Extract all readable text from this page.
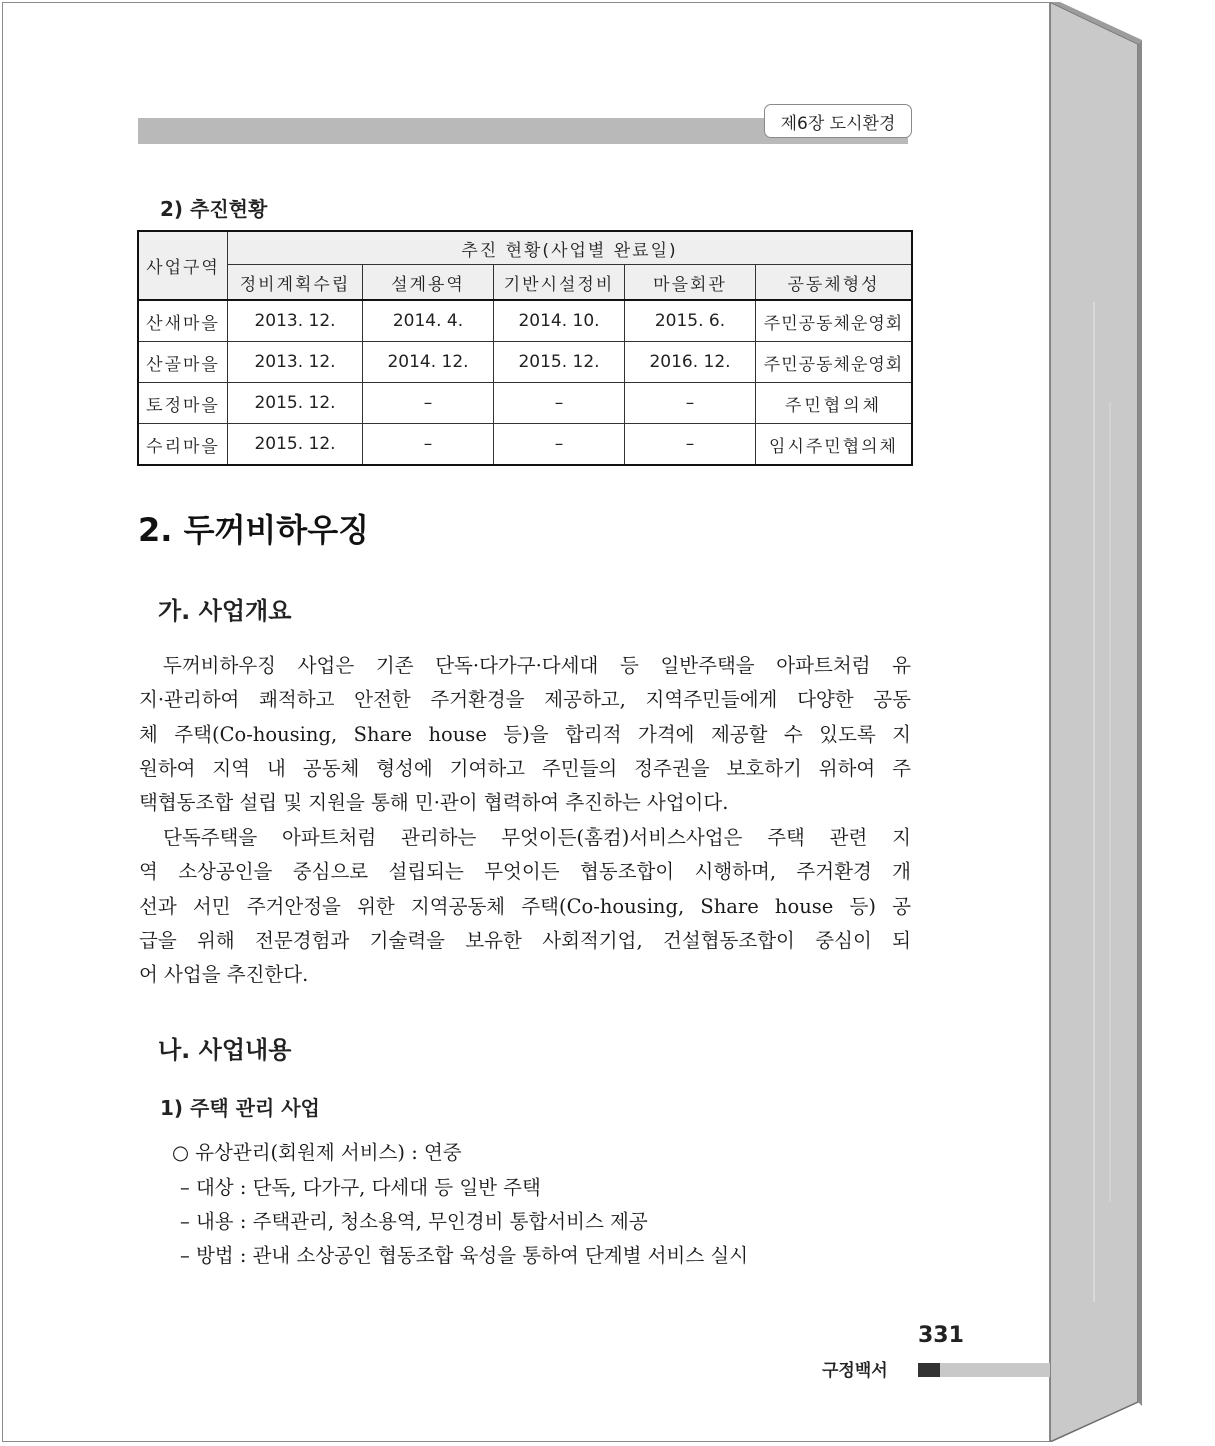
제6장 도시환경
2) 추진현황
사업구역	추진 현황(사업별 완료일)				
	정비계획수립	설계용역	기반시설정비	마을회관	공동체형성
산새마을	2013. 12.	2014. 4.	2014. 10.	2015. 6.	주민공동체운영회
산골마을	2013. 12.	2014. 12.	2015. 12.	2016. 12.	주민공동체운영회
토정마을	2015. 12.	–	–	–	주민협의체
수리마을	2015. 12.	–	–	–	임시주민협의체
2. 두꺼비하우징
가. 사업개요
두꺼비하우징 사업은 기존 단독·다가구·다세대 등 일반주택을 아파트처럼 유
지·관리하여 쾌적하고 안전한 주거환경을 제공하고, 지역주민들에게 다양한 공동
체 주택(Co-housing, Share house 등)을 합리적 가격에 제공할 수 있도록 지
원하여 지역 내 공동체 형성에 기여하고 주민들의 정주권을 보호하기 위하여 주
택협동조합 설립 및 지원을 통해 민·관이 협력하여 추진하는 사업이다.
단독주택을 아파트처럼 관리하는 무엇이든(홈컴)서비스사업은 주택 관련 지
역 소상공인을 중심으로 설립되는 무엇이든 협동조합이 시행하며, 주거환경 개
선과 서민 주거안정을 위한 지역공동체 주택(Co-housing, Share house 등) 공
급을 위해 전문경험과 기술력을 보유한 사회적기업, 건설협동조합이 중심이 되
어 사업을 추진한다.
나. 사업내용
1) 주택 관리 사업
○ 유상관리(회원제 서비스) : 연중
– 대상 : 단독, 다가구, 다세대 등 일반 주택
– 내용 : 주택관리, 청소용역, 무인경비 통합서비스 제공
– 방법 : 관내 소상공인 협동조합 육성을 통하여 단계별 서비스 실시
331
구정백서
